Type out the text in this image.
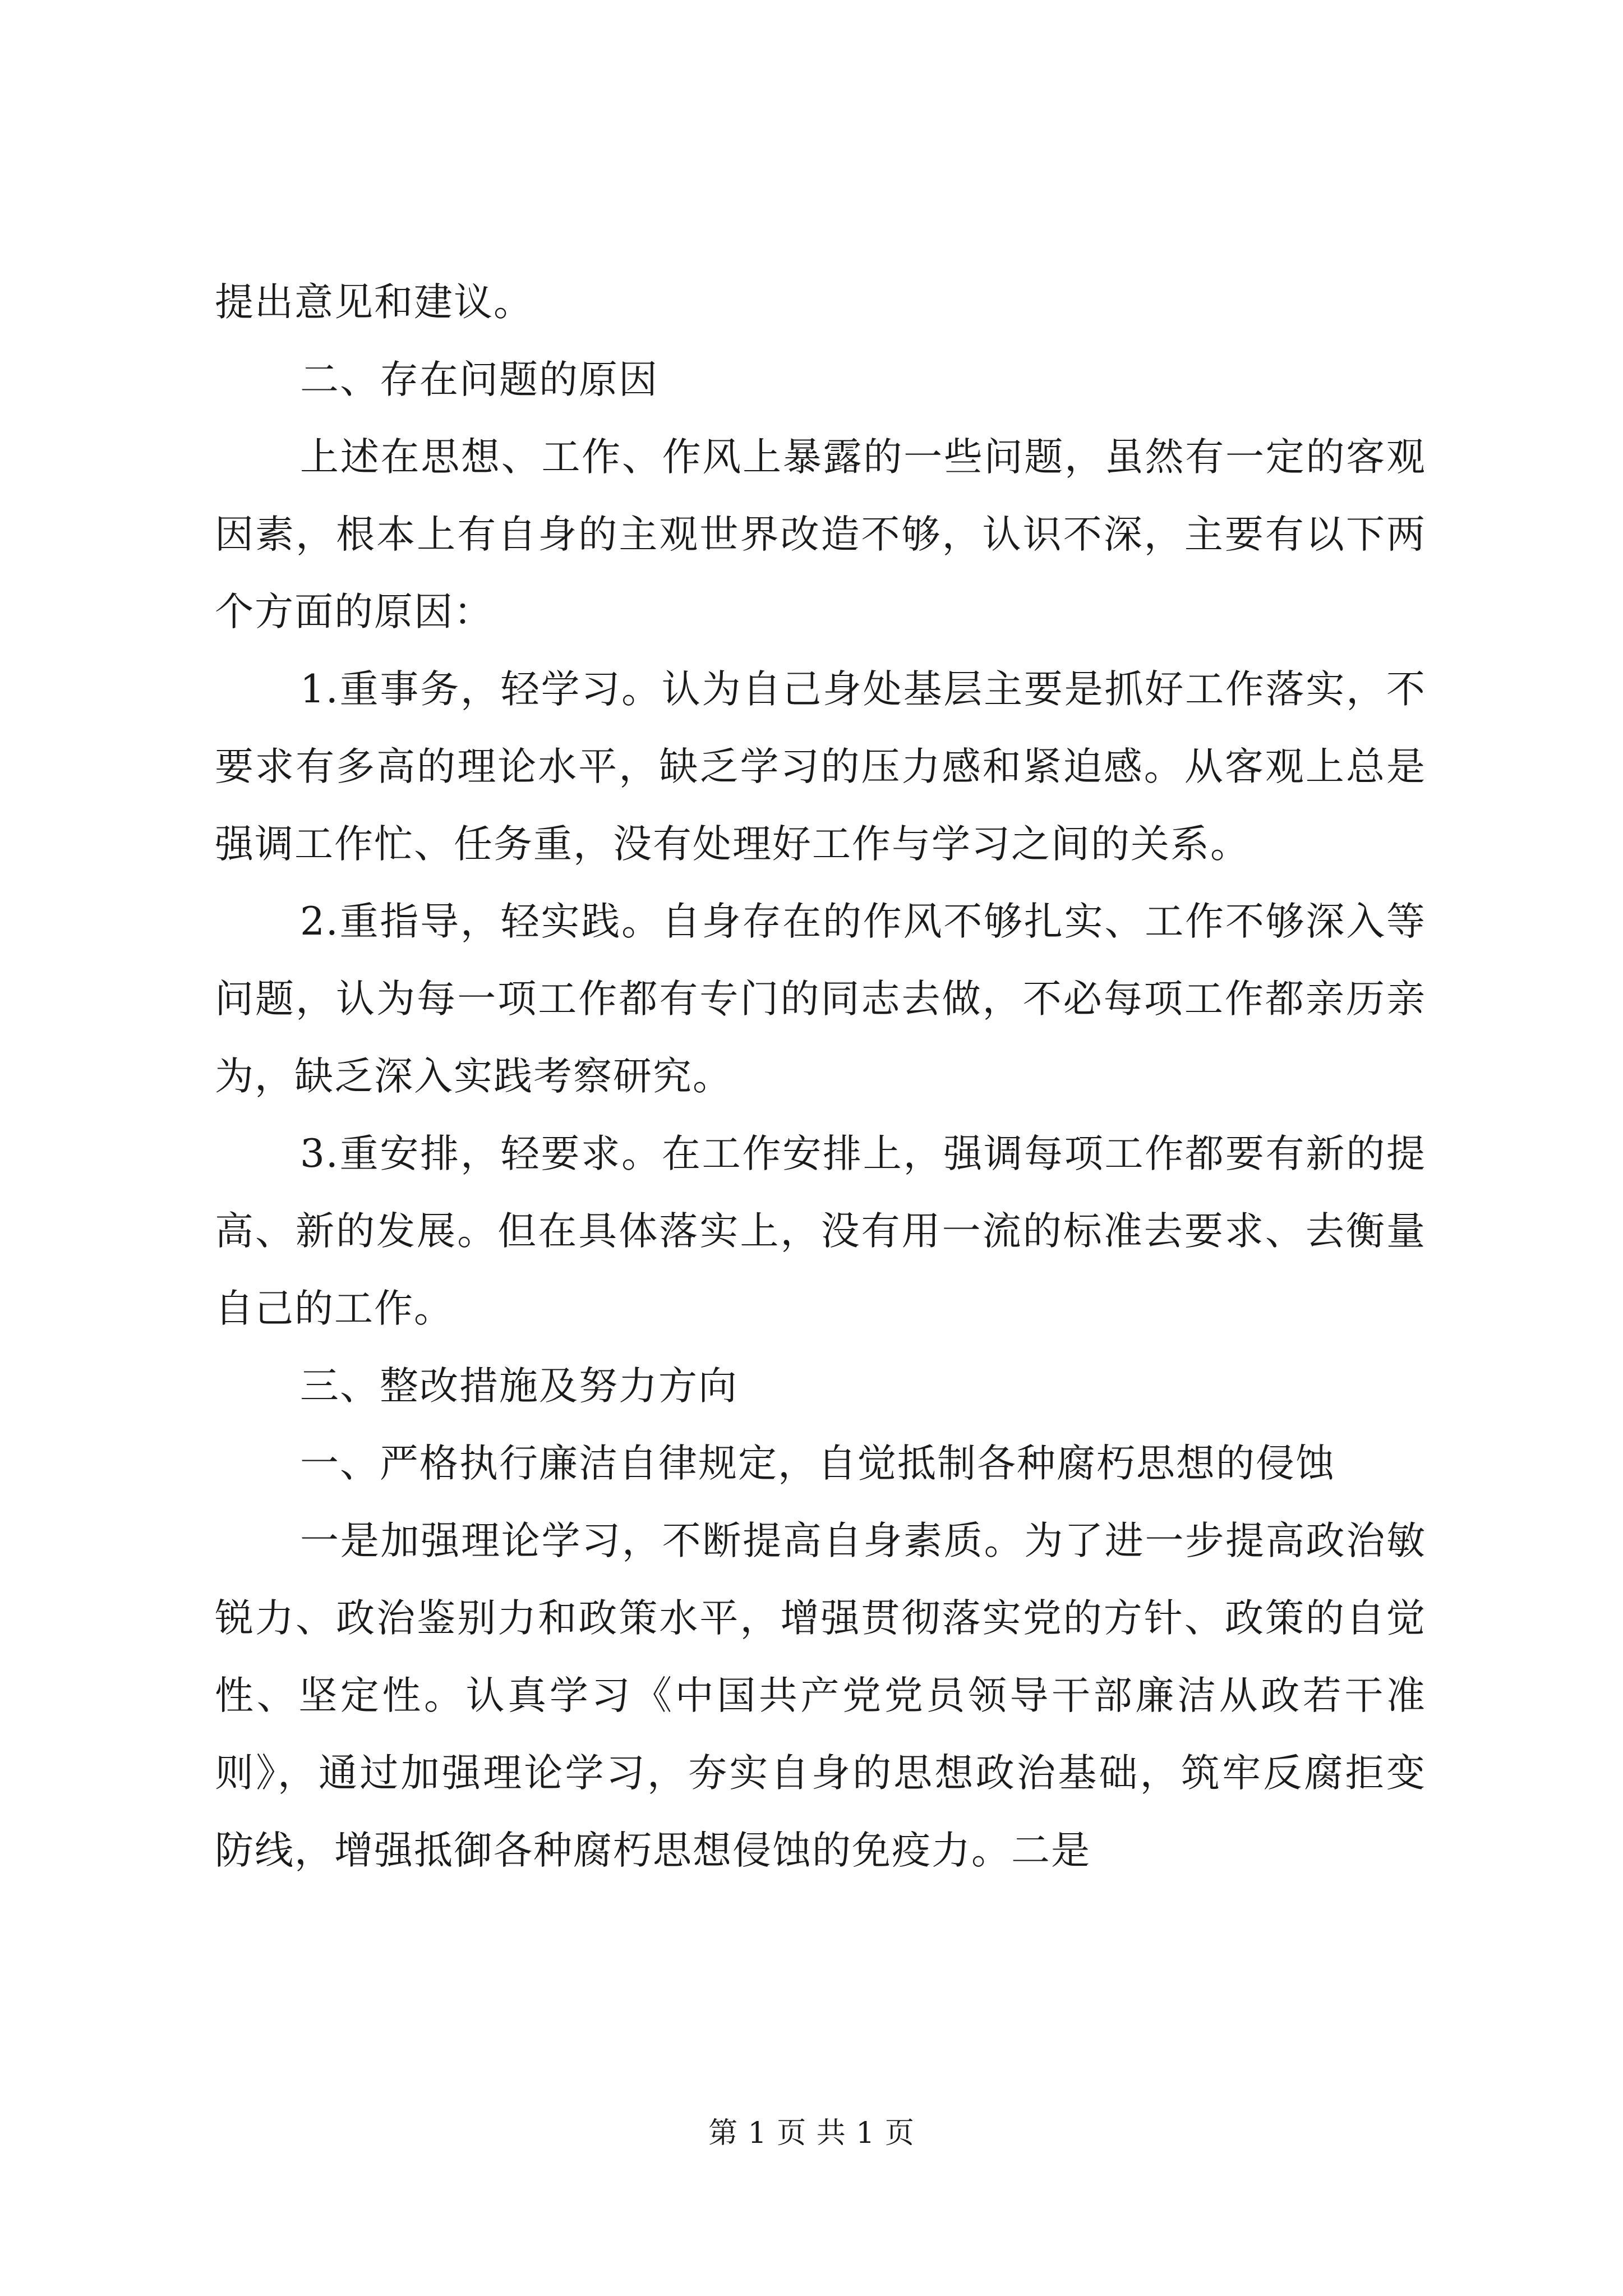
提出意见和建议。

二、存在问题的原因

上述在思想、工作、作风上暴露的一些问题，虽然有一定的客观因素，根本上有自身的主观世界改造不够，认识不深，主要有以下两个方面的原因：

1.重事务，轻学习。认为自己身处基层主要是抓好工作落实，不要求有多高的理论水平，缺乏学习的压力感和紧迫感。从客观上总是强调工作忙、任务重，没有处理好工作与学习之间的关系。

2.重指导，轻实践。自身存在的作风不够扎实、工作不够深入等问题，认为每一项工作都有专门的同志去做，不必每项工作都亲历亲为，缺乏深入实践考察研究。

3.重安排，轻要求。在工作安排上，强调每项工作都要有新的提高、新的发展。但在具体落实上，没有用一流的标准去要求、去衡量自己的工作。

三、整改措施及努力方向

一、严格执行廉洁自律规定，自觉抵制各种腐朽思想的侵蚀

一是加强理论学习，不断提高自身素质。为了进一步提高政治敏锐力、政治鉴别力和政策水平，增强贯彻落实党的方针、政策的自觉性、坚定性。认真学习《中国共产党党员领导干部廉洁从政若干准则》，通过加强理论学习，夯实自身的思想政治基础，筑牢反腐拒变防线，增强抵御各种腐朽思想侵蚀的免疫力。二是

第 1 页 共 1 页
